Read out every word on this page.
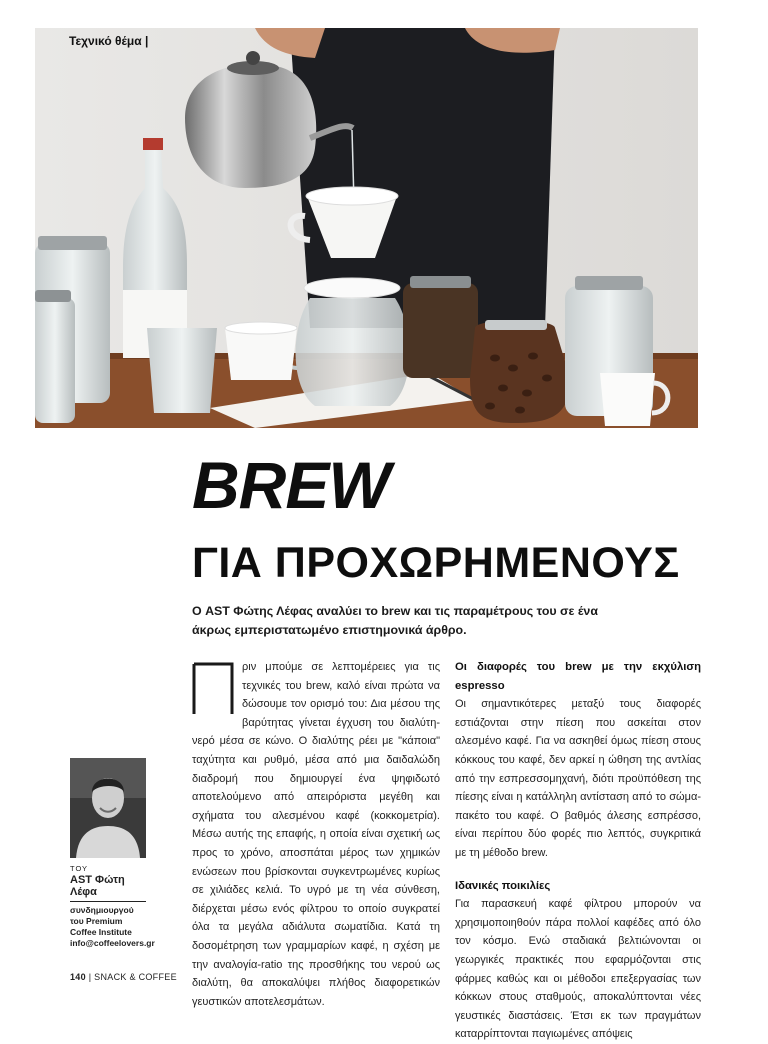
Τεχνικό θέμα |
BREW
ΓΙΑ ΠΡΟΧΩΡΗΜΕΝΟΥΣ
Ο AST Φώτης Λέφας αναλύει το brew και τις παραμέτρους του σε ένα άκρως εμπεριστατωμένο επιστημονικά άρθρο.
ΤΟΥ
AST Φώτη Λέφα
συνδημιουργού
του Premium
Coffee Institute
info@coffeelovers.gr

ριν μπούμε σε λεπτομέρειες για τις τεχνικές του brew, καλό είναι πρώτα να δώσουμε τον ορισμό του: Δια μέσου της βαρύτητας γίνεται έγχυση του διαλύτη-νερό μέσα σε κώνο. Ο διαλύτης ρέει με "κάποια" ταχύτητα και ρυθμό, μέσα από μια δαιδαλώδη διαδρομή που δημιουργεί ένα ψηφιδωτό αποτελούμενο από απειρόριστα μεγέθη και σχήματα του αλεσμένου καφέ (κοκκομετρία). Μέσω αυτής της επαφής, η οποία είναι σχετική ως προς το χρόνο, αποσπάται μέρος των χημικών ενώσεων που βρίσκονται συγκεντρωμένες κυρίως σε χιλιάδες κελιά. Το υγρό με τη νέα σύνθεση, διέρχεται μέσω ενός φίλτρου το οποίο συγκρατεί όλα τα μεγάλα αδιάλυτα σωματίδια. Κατά τη δοσομέτρηση των γραμμαρίων καφέ, η σχέση με την αναλογία-ratio της προσθήκης του νερού ως διαλύτη, θα αποκαλύψει πλήθος διαφορετικών γευστικών αποτελεσμάτων.

Οι διαφορές του brew με την εκχύλιση espresso

Οι σημαντικότερες μεταξύ τους διαφορές εστιάζονται στην πίεση που ασκείται στον αλεσμένο καφέ. Για να ασκηθεί όμως πίεση στους κόκκους του καφέ, δεν αρκεί η ώθηση της αντλίας από την εσπρεσσομηχανή, διότι προϋπόθεση της πίεσης είναι η κατάλληλη αντίσταση από το σώμα-πακέτο του καφέ. Ο βαθμός άλεσης εσπρέσσο, είναι περίπου δύο φορές πιο λεπτός, συγκριτικά με τη μέθοδο brew.

Ιδανικές ποικιλίες

Για παρασκευή καφέ φίλτρου μπορούν να χρησιμοποιηθούν πάρα πολλοί καφέδες από όλο τον κόσμο. Ενώ σταδιακά βελτιώνονται οι γεωργικές πρακτικές που εφαρμόζονται στις φάρμες καθώς και οι μέθοδοι επεξεργασίας των κόκκων στους σταθμούς, αποκαλύπτονται νέες γευστικές διαστάσεις. Έτσι εκ των πραγμάτων καταρρίπτονται παγιωμένες απόψεις

140 | SNACK & COFFEE
